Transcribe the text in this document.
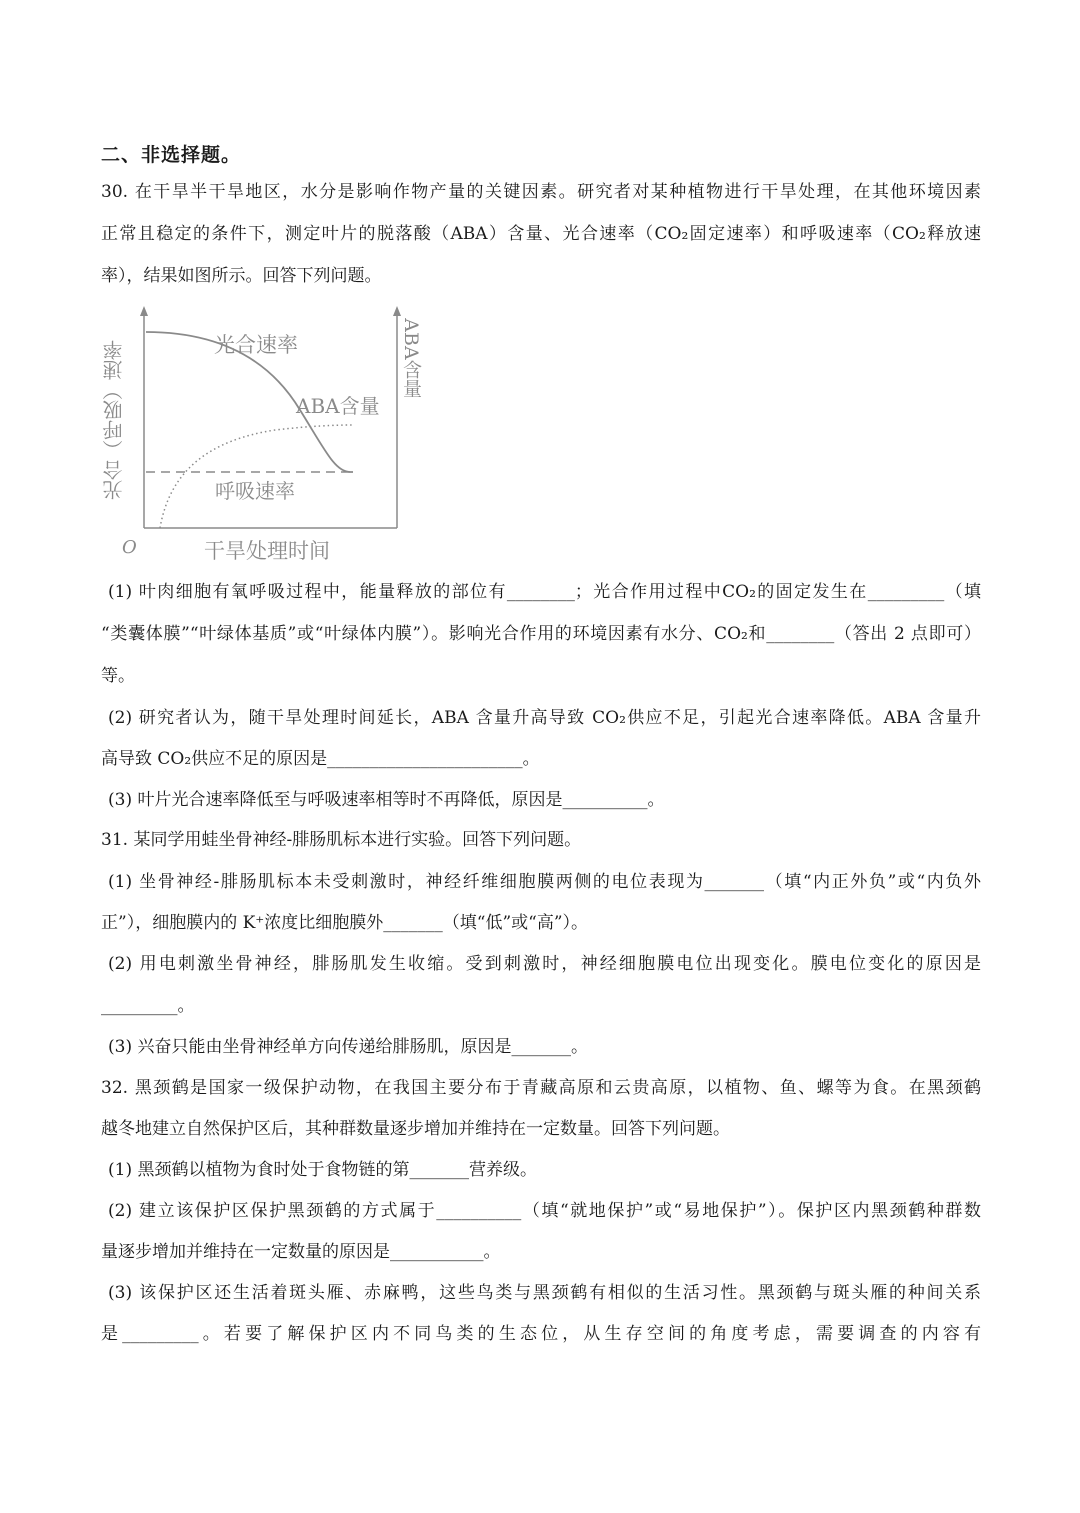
二、非选择题。
30. 在干旱半干旱地区，水分是影响作物产量的关键因素。研究者对某种植物进行干旱处理，在其他环境因素
正常且稳定的条件下，测定叶片的脱落酸（ABA）含量、光合速率（CO₂固定速率）和呼吸速率（CO₂释放速
率），结果如图所示。回答下列问题。
光合速率
ABA含量
呼吸速率
O	干旱处理时间
光合（呼吸）速率	ABA含量
(1) 叶肉细胞有氧呼吸过程中，能量释放的部位有________；光合作用过程中CO₂的固定发生在_________（填
“类囊体膜”“叶绿体基质”或“叶绿体内膜”）。影响光合作用的环境因素有水分、CO₂和________（答出 2 点即可）
等。
(2) 研究者认为，随干旱处理时间延长，ABA 含量升高导致 CO₂供应不足，引起光合速率降低。ABA 含量升
高导致 CO₂供应不足的原因是_______________________。
(3) 叶片光合速率降低至与呼吸速率相等时不再降低，原因是__________。
31. 某同学用蛙坐骨神经-腓肠肌标本进行实验。回答下列问题。
(1) 坐骨神经-腓肠肌标本未受刺激时，神经纤维细胞膜两侧的电位表现为_______（填“内正外负”或“内负外
正”），细胞膜内的 K⁺浓度比细胞膜外_______（填“低”或“高”）。
(2) 用电刺激坐骨神经，腓肠肌发生收缩。受到刺激时，神经细胞膜电位出现变化。膜电位变化的原因是
_________。
(3) 兴奋只能由坐骨神经单方向传递给腓肠肌，原因是_______。
32. 黑颈鹤是国家一级保护动物，在我国主要分布于青藏高原和云贵高原，以植物、鱼、螺等为食。在黑颈鹤
越冬地建立自然保护区后，其种群数量逐步增加并维持在一定数量。回答下列问题。
(1) 黑颈鹤以植物为食时处于食物链的第_______营养级。
(2) 建立该保护区保护黑颈鹤的方式属于__________（填“就地保护”或“易地保护”）。保护区内黑颈鹤种群数
量逐步增加并维持在一定数量的原因是___________。
(3) 该保护区还生活着斑头雁、赤麻鸭，这些鸟类与黑颈鹤有相似的生活习性。黑颈鹤与斑头雁的种间关系
是_________。若要了解保护区内不同鸟类的生态位，从生存空间的角度考虑，需要调查的内容有
